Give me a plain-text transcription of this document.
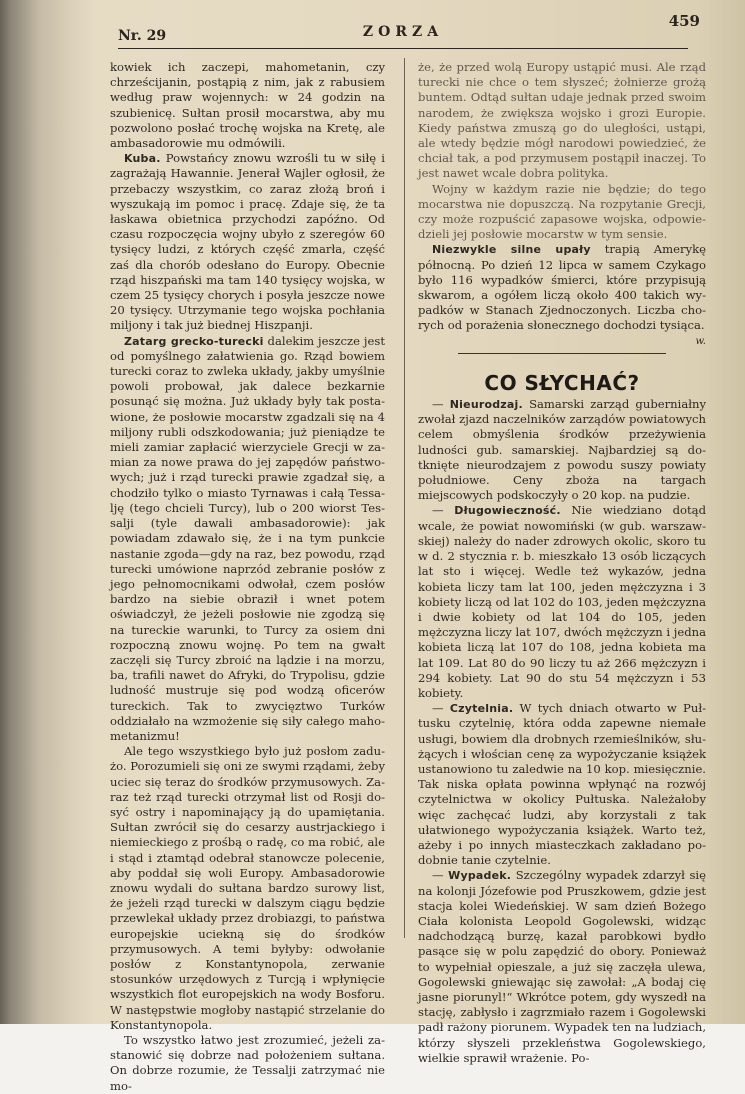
Nr. 29	ZORZA
459

kowiek ich zaczepi, mahometanin, czy chrześcijanin, postąpią z nim, jak z rabusiem według praw wojennych: w 24 godzin na szubienicę. Sułtan prosił mocarstwa, aby mu pozwolono posłać trochę wojska na Kretę, ale ambasadorowie mu odmówili.

Kuba. Powstańcy znowu wzrośli tu w siłę i zagrażają Hawannie. Jenerał Wajler ogłosił, że przebaczy wszystkim, co zaraz złożą broń i wyszukają im pomoc i pracę. Zdaje się, że ta łaskawa obietnica przychodzi zapóźno. Od czasu rozpoczęcia wojny ubyło z szeregów 60 tysięcy ludzi, z których część zmarła, część zaś dla chorób odesłano do Europy. Obecnie rząd hiszpański ma tam 140 tysięcy wojska, w czem 25 tysięcy chorych i posyła jeszcze nowe 20 tysięcy. Utrzymanie tego wojska pochłania miljony i tak już biednej Hiszpanji.

Zatarg grecko-turecki dalekim jeszcze jest od pomyślnego załatwienia go. Rząd bowiem turecki coraz to zwleka układy, jakby umyślnie powoli probował, jak dalece bezkarnie posunąć się można. Już układy były tak postawione, że posłowie mocarstw zgadzali się na 4 miljony rubli odszkodowania; już pieniądze te mieli zamiar zapłacić wierzyciele Grecji w zamian za nowe prawa do jej zapędów państwowych; już i rząd turecki prawie zgadzał się, a chodziło tylko o miasto Tyrnawas i całą Tessalję (tego chcieli Turcy), lub o 200 wiorst Tessalji (tyle dawali ambasadorowie): jak powiadam zdawało się, że i na tym punkcie nastanie zgoda—gdy na raz, bez powodu, rząd turecki umówione naprzód zebranie posłów z jego pełnomocnikami odwołał, czem posłów bardzo na siebie obraził i wnet potem oświadczył, że jeżeli posłowie nie zgodzą się na tureckie warunki, to Turcy za osiem dni rozpoczną znowu wojnę. Po tem na gwałt zaczęli się Turcy zbroić na lądzie i na morzu, ba, trafili nawet do Afryki, do Trypolisu, gdzie ludność mustruje się pod wodzą oficerów tureckich. Tak to zwycięztwo Turków oddziałało na wzmożenie się siły całego mahometanizmu!

Ale tego wszystkiego było już posłom zadużo. Porozumieli się oni ze swymi rządami, żeby uciec się teraz do środków przymusowych. Zaraz też rząd turecki otrzymał list od Rosji dosyć ostry i napominający ją do upamiętania. Sułtan zwrócił się do cesarzy austrjackiego i niemieckiego z prośbą o radę, co ma robić, ale i stąd i ztamtąd odebrał stanowcze polecenie, aby poddał się woli Europy. Ambasadorowie znowu wydali do sułtana bardzo surowy list, że jeżeli rząd turecki w dalszym ciągu będzie przewlekał układy przez drobiazgi, to państwa europejskie uciekną się do środków przymusowych. A temi byłyby: odwołanie posłów z Konstantynopola, zerwanie stosunków urzędowych z Turcją i wpłynięcie wszystkich flot europejskich na wody Bosforu. W następstwie mogłoby nastąpić strzelanie do Konstantynopola.

To wszystko łatwo jest zrozumieć, jeżeli zastanowić się dobrze nad położeniem sułtana. On dobrze rozumie, że Tessalji zatrzymać nie mo-

że, że przed wolą Europy ustąpić musi. Ale rząd turecki nie chce o tem słyszeć; żołnierze grożą buntem. Odtąd sułtan udaje jednak przed swoim narodem, że zwiększa wojsko i grozi Europie. Kiedy państwa zmuszą go do uległości, ustąpi, ale wtedy będzie mógł narodowi powiedzieć, że chciał tak, a pod przymusem postąpił inaczej. To jest nawet wcale dobra polityka.

Wojny w każdym razie nie będzie; do tego mocarstwa nie dopuszczą. Na rozpytanie Grecji, czy może rozpuścić zapasowe wojska, odpowiedzieli jej posłowie mocarstw w tym sensie.

Niezwykle silne upały trapią Amerykę północną. Po dzień 12 lipca w samem Czykago było 116 wypadków śmierci, które przypisują skwarom, a ogółem liczą około 400 takich wypadków w Stanach Zjednoczonych. Liczba chorych od porażenia słonecznego dochodzi tysiąca.

w.
CO SŁYCHAĆ?

— Nieurodzaj. Samarski zarząd guberniałny zwołał zjazd naczelników zarządów powiatowych celem obmyślenia środków przeżywienia ludności gub. samarskiej. Najbardziej są dotknięte nieurodzajem z powodu suszy powiaty południowe. Ceny zboża na targach miejscowych podskoczyły o 20 kop. na pudzie.

— Długowieczność. Nie wiedziano dotąd wcale, że powiat nowomiński (w gub. warszawskiej) należy do nader zdrowych okolic, skoro tu w d. 2 stycznia r. b. mieszkało 13 osób liczących lat sto i więcej. Wedle też wykazów, jedna kobieta liczy tam lat 100, jeden mężczyzna i 3 kobiety liczą od lat 102 do 103, jeden mężczyzna i dwie kobiety od lat 104 do 105, jeden mężczyzna liczy lat 107, dwóch mężczyzn i jedna kobieta liczą lat 107 do 108, jedna kobieta ma lat 109. Lat 80 do 90 liczy tu aż 266 mężczyzn i 294 kobiety. Lat 90 do stu 54 mężczyzn i 53 kobiety.

— Czytelnia. W tych dniach otwarto w Pułtusku czytelnię, która odda zapewne niemałe usługi, bowiem dla drobnych rzemieślników, służących i włościan cenę za wypożyczanie książek ustanowiono tu zaledwie na 10 kop. miesięcznie. Tak niska opłata powinna wpłynąć na rozwój czytelnictwa w okolicy Pułtuska. Należałoby więc zachęcać ludzi, aby korzystali z tak ułatwionego wypożyczania książek. Warto też, ażeby i po innych miasteczkach zakładano podobnie tanie czytelnie.

— Wypadek. Szczególny wypadek zdarzył się na kolonji Józefowie pod Pruszkowem, gdzie jest stacja kolei Wiedeńskiej. W sam dzień Bożego Ciała kolonista Leopold Gogolewski, widząc nadchodzącą burzę, kazał parobkowi bydło pasące się w polu zapędzić do obory. Ponieważ to wypełniał opieszale, a już się zaczęła ulewa, Gogolewski gniewając się zawołał: „A bodaj cię jasne piorunyl!“ Wkrótce potem, gdy wyszedł na stację, zabłysło i zagrzmiało razem i Gogolewski padł rażony piorunem. Wypadek ten na ludziach, którzy słyszeli przekleństwa Gogolewskiego, wielkie sprawił wrażenie. Po-
